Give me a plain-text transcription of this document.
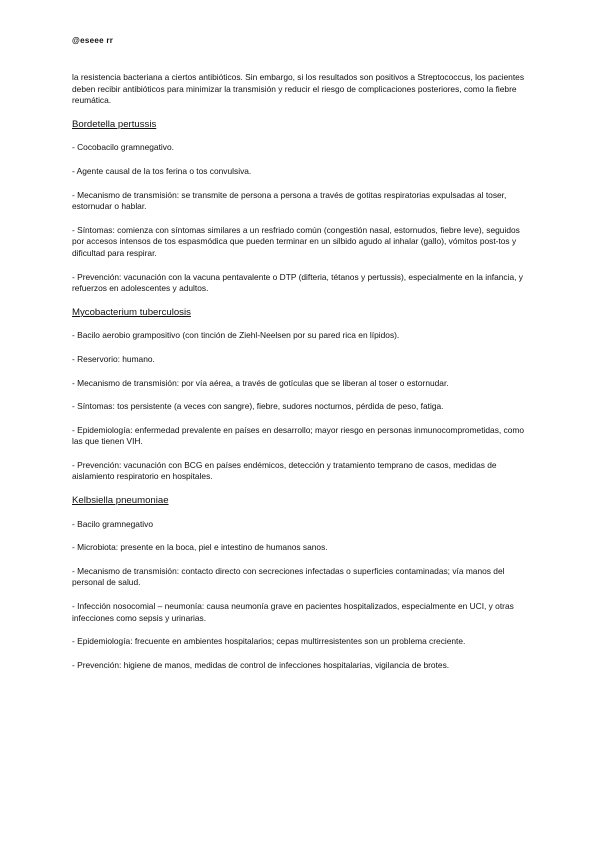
@eseee rr

la resistencia bacteriana a ciertos antibióticos. Sin embargo, si los resultados son positivos a Streptococcus, los pacientes deben recibir antibióticos para minimizar la transmisión y reducir el riesgo de complicaciones posteriores, como la fiebre reumática.

Bordetella pertussis

- Cocobacilo gramnegativo.

- Agente causal de la tos ferina o tos convulsiva.

- Mecanismo de transmisión: se transmite de persona a persona a través de gotitas respiratorias expulsadas al toser, estornudar o hablar.

- Síntomas: comienza con síntomas similares a un resfriado común (congestión nasal, estornudos, fiebre leve), seguidos por accesos intensos de tos espasmódica que pueden terminar en un silbido agudo al inhalar (gallo), vómitos post-tos y dificultad para respirar.

- Prevención: vacunación con la vacuna pentavalente o DTP (difteria, tétanos y pertussis), especialmente en la infancia, y refuerzos en adolescentes y adultos.

Mycobacterium tuberculosis

- Bacilo aerobio grampositivo (con tinción de Ziehl-Neelsen por su pared rica en lípidos).

- Reservorio: humano.

- Mecanismo de transmisión: por vía aérea, a través de gotículas que se liberan al toser o estornudar.

- Síntomas: tos persistente (a veces con sangre), fiebre, sudores nocturnos, pérdida de peso, fatiga.

- Epidemiología: enfermedad prevalente en países en desarrollo; mayor riesgo en personas inmunocomprometidas, como las que tienen VIH.

- Prevención: vacunación con BCG en países endémicos, detección y tratamiento temprano de casos, medidas de aislamiento respiratorio en hospitales.

Kelbsiella pneumoniae

- Bacilo gramnegativo

- Microbiota: presente en la boca, piel e intestino de humanos sanos.

- Mecanismo de transmisión: contacto directo con secreciones infectadas o superficies contaminadas; vía manos del personal de salud.

- Infección nosocomial – neumonía: causa neumonía grave en pacientes hospitalizados, especialmente en UCI, y otras infecciones como sepsis y urinarias.

- Epidemiología: frecuente en ambientes hospitalarios; cepas multirresistentes son un problema creciente.

- Prevención: higiene de manos, medidas de control de infecciones hospitalarias, vigilancia de brotes.
